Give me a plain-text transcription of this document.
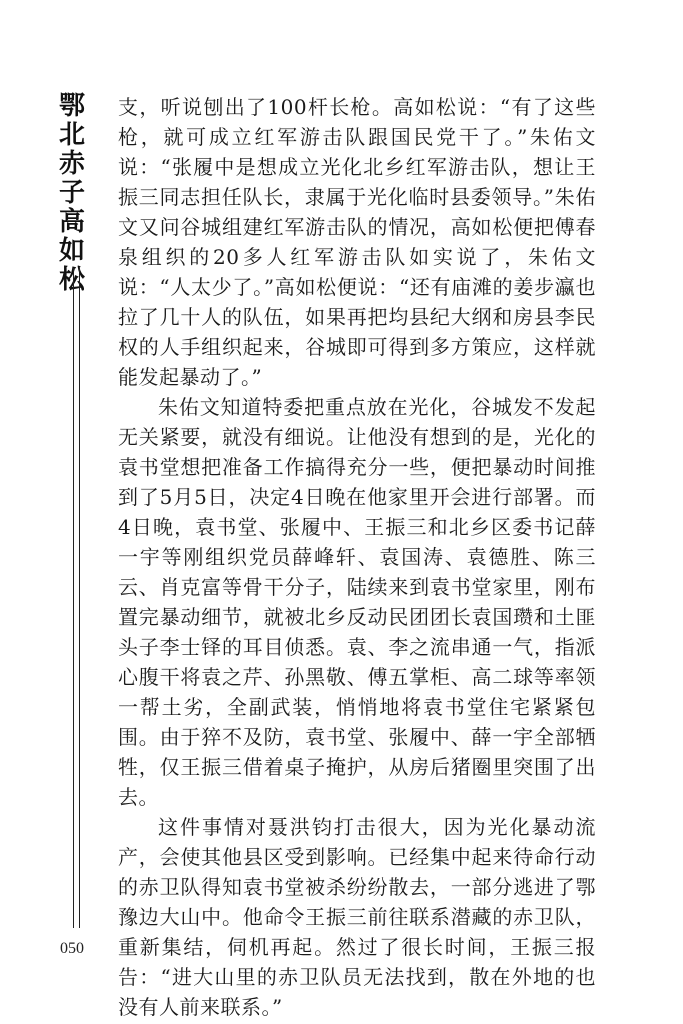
鄂北赤子高如松

支，听说刨出了100杆长枪。高如松说：“有了这些枪，就可成立红军游击队跟国民党干了。”朱佑文说：“张履中是想成立光化北乡红军游击队，想让王振三同志担任队长，隶属于光化临时县委领导。”朱佑文又问谷城组建红军游击队的情况，高如松便把傅春泉组织的20多人红军游击队如实说了，朱佑文说：“人太少了。”高如松便说：“还有庙滩的姜步瀛也拉了几十人的队伍，如果再把均县纪大纲和房县李民权的人手组织起来，谷城即可得到多方策应，这样就能发起暴动了。”

朱佑文知道特委把重点放在光化，谷城发不发起无关紧要，就没有细说。让他没有想到的是，光化的袁书堂想把准备工作搞得充分一些，便把暴动时间推到了5月5日，决定4日晚在他家里开会进行部署。而4日晚，袁书堂、张履中、王振三和北乡区委书记薛一宇等刚组织党员薛峰轩、袁国涛、袁德胜、陈三云、肖克富等骨干分子，陆续来到袁书堂家里，刚布置完暴动细节，就被北乡反动民团团长袁国瓒和土匪头子李士铎的耳目侦悉。袁、李之流串通一气，指派心腹干将袁之芹、孙黑敬、傅五掌柜、高二球等率领一帮土劣，全副武装，悄悄地将袁书堂住宅紧紧包围。由于猝不及防，袁书堂、张履中、薛一宇全部牺牲，仅王振三借着桌子掩护，从房后猪圈里突围了出去。

这件事情对聂洪钧打击很大，因为光化暴动流产，会使其他县区受到影响。已经集中起来待命行动的赤卫队得知袁书堂被杀纷纷散去，一部分逃进了鄂豫边大山中。他命令王振三前往联系潜藏的赤卫队，重新集结，伺机再起。然过了很长时间，王振三报告：“进大山里的赤卫队员无法找到，散在外地的也没有人前来联系。”

050
